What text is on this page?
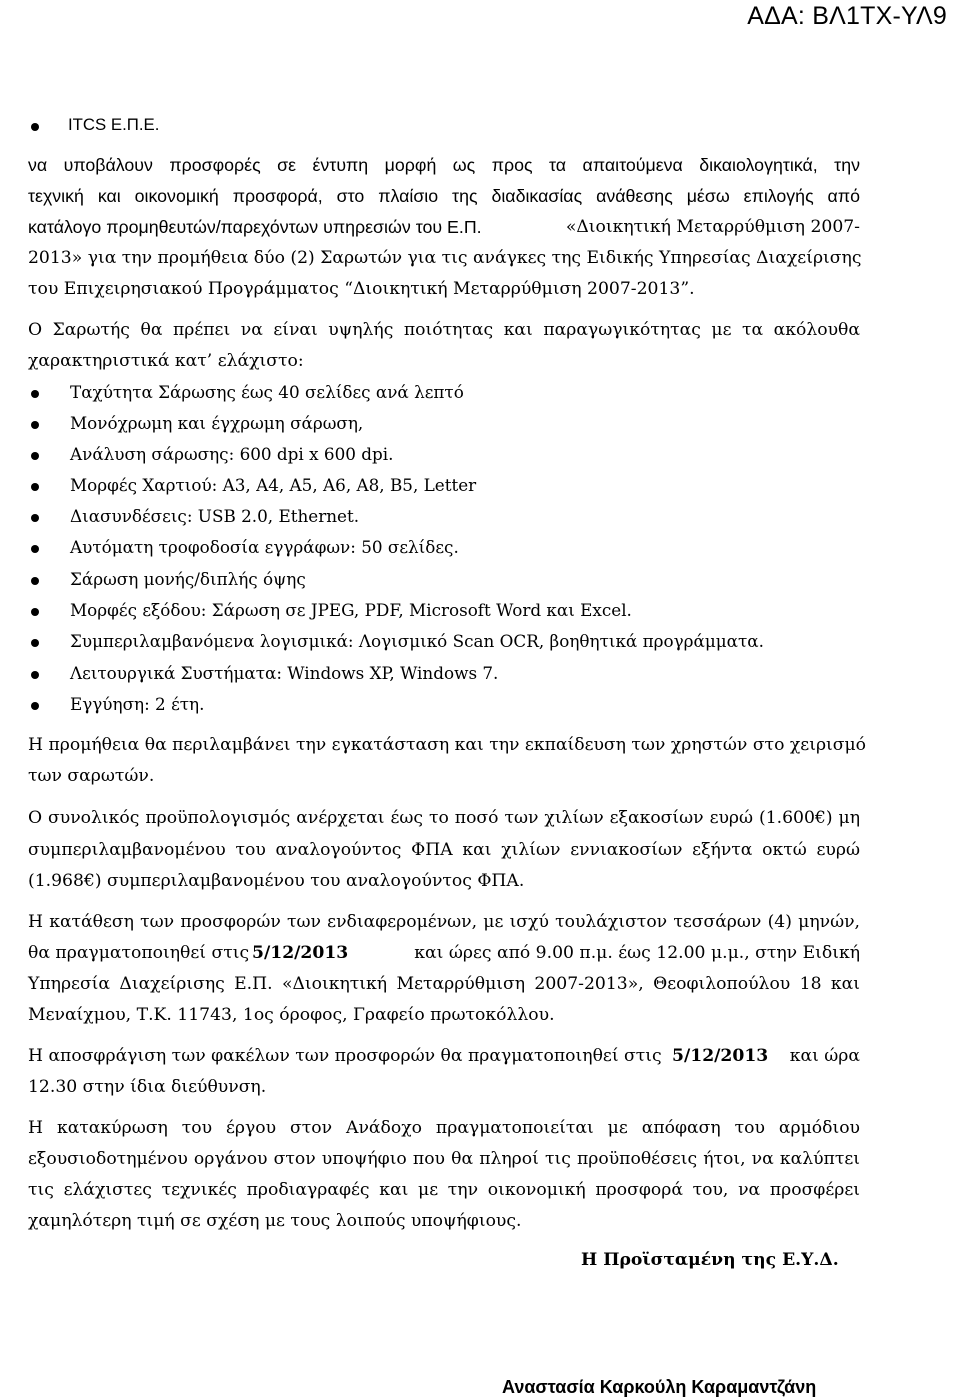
ΑΔΑ: ΒΛ1ΤΧ-ΥΛ9
ITCS Ε.Π.Ε.
να υποβάλουν προσφορές σε έντυπη μορφή ως προς τα απαιτούμενα δικαιολογητικά, την
τεχνική και οικονομική προσφορά, στο πλαίσιο της διαδικασίας ανάθεσης μέσω επιλογής από
κατάλογο προμηθευτών/παρεχόντων υπηρεσιών του Ε.Π.	«Διοικητική Μεταρρύθμιση 2007-
2013» για την προμήθεια δύο (2) Σαρωτών για τις ανάγκες της Ειδικής Υπηρεσίας Διαχείρισης
του Επιχειρησιακού Προγράμματος “Διοικητική Μεταρρύθμιση 2007-2013”.
Ο Σαρωτής θα πρέπει να είναι υψηλής ποιότητας και παραγωγικότητας με τα ακόλουθα
χαρακτηριστικά κατ’ ελάχιστο:
Ταχύτητα Σάρωσης έως 40 σελίδες ανά λεπτό
Μονόχρωμη και έγχρωμη σάρωση,
Ανάλυση σάρωσης: 600 dpi x 600 dpi.
Μορφές Χαρτιού: A3, A4, A5, A6, A8, B5, Letter
Διασυνδέσεις: USB 2.0, Ethernet.
Αυτόματη τροφοδοσία εγγράφων: 50 σελίδες.
Σάρωση μονής/διπλής όψης
Μορφές εξόδου: Σάρωση σε JPEG, PDF, Microsoft Word και Excel.
Συμπεριλαμβανόμενα λογισμικά: Λογισμικό Scan OCR, βοηθητικά προγράμματα.
Λειτουργικά Συστήματα: Windows XP, Windows 7.
Εγγύηση: 2 έτη.
Η προμήθεια θα περιλαμβάνει την εγκατάσταση και την εκπαίδευση των χρηστών στο χειρισμό
των σαρωτών.
Ο συνολικός προϋπολογισμός ανέρχεται έως το ποσό των χιλίων εξακοσίων ευρώ (1.600€) μη
συμπεριλαμβανομένου του αναλογούντος ΦΠΑ και χιλίων εννιακοσίων εξήντα οκτώ ευρώ
(1.968€) συμπεριλαμβανομένου του αναλογούντος ΦΠΑ.
Η κατάθεση των προσφορών των ενδιαφερομένων, με ισχύ τουλάχιστον τεσσάρων (4) μηνών,
θα πραγματοποιηθεί στις 5/12/2013	και ώρες από 9.00 π.μ. έως 12.00 μ.μ., στην Ειδική
Υπηρεσία Διαχείρισης Ε.Π. «Διοικητική Μεταρρύθμιση 2007-2013», Θεοφιλοπούλου 18 και
Μεναίχμου, Τ.Κ. 11743, 1ος όροφος, Γραφείο πρωτοκόλλου.
Η αποσφράγιση των φακέλων των προσφορών θα πραγματοποιηθεί στις 5/12/2013 και ώρα
12.30 στην ίδια διεύθυνση.
Η κατακύρωση του έργου στον Ανάδοχο πραγματοποιείται με απόφαση του αρμόδιου
εξουσιοδοτημένου οργάνου στον υποψήφιο που θα πληροί τις προϋποθέσεις ήτοι, να καλύπτει
τις ελάχιστες τεχνικές προδιαγραφές και με την οικονομική προσφορά του, να προσφέρει
χαμηλότερη τιμή σε σχέση με τους λοιπούς υποψήφιους.
Η Προϊσταμένη της Ε.Υ.Δ.
Αναστασία Καρκούλη Καραμαντζάνη
